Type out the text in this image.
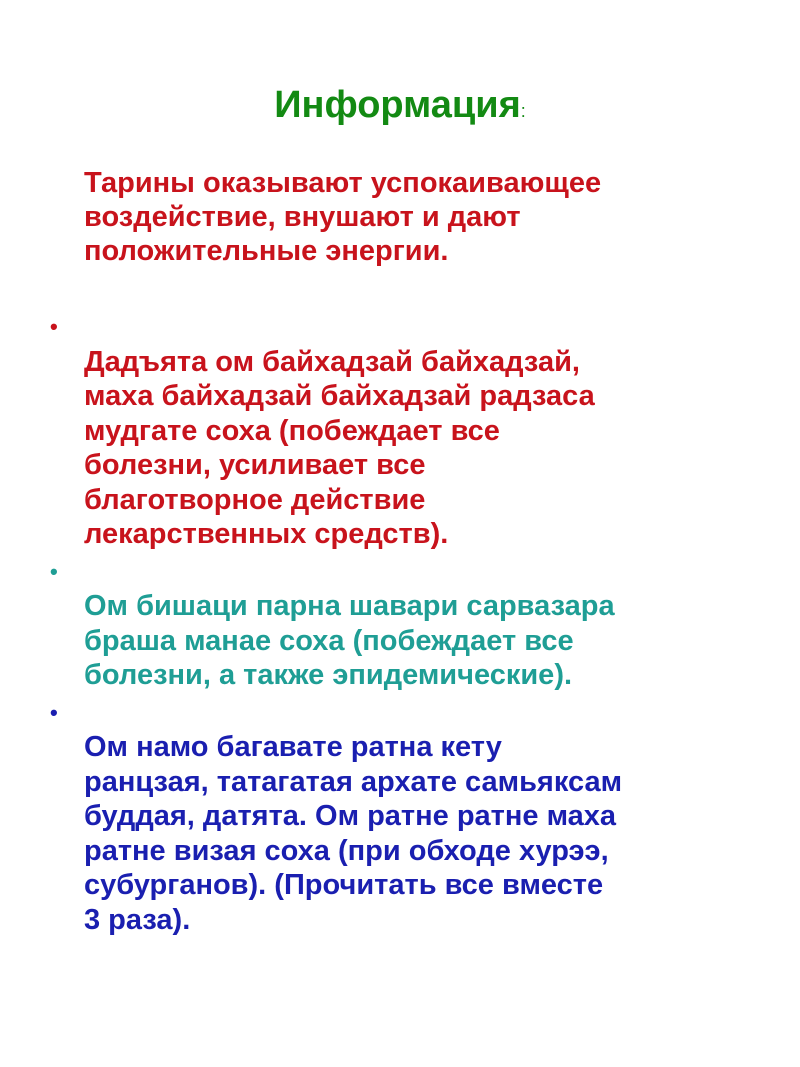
Информация:
Тарины оказывают успокаивающее
воздействие, внушают и дают
положительные энергии.

•
Дадъята ом байхадзай байхадзай,
маха байхадзай байхадзай радзаса
мудгате соха (побеждает все
болезни, усиливает все
благотворное действие
лекарственных средств).

•
Ом бишаци парна шавари сарвазара
браша манае соха (побеждает все
болезни, а также эпидемические).

•
Ом намо багавате ратна кету
ранцзая, татагатая архате самьяксам
буддая, датята. Ом ратне ратне маха
ратне визая соха (при обходе хурээ,
субурганов). (Прочитать все вместе
3 раза).
